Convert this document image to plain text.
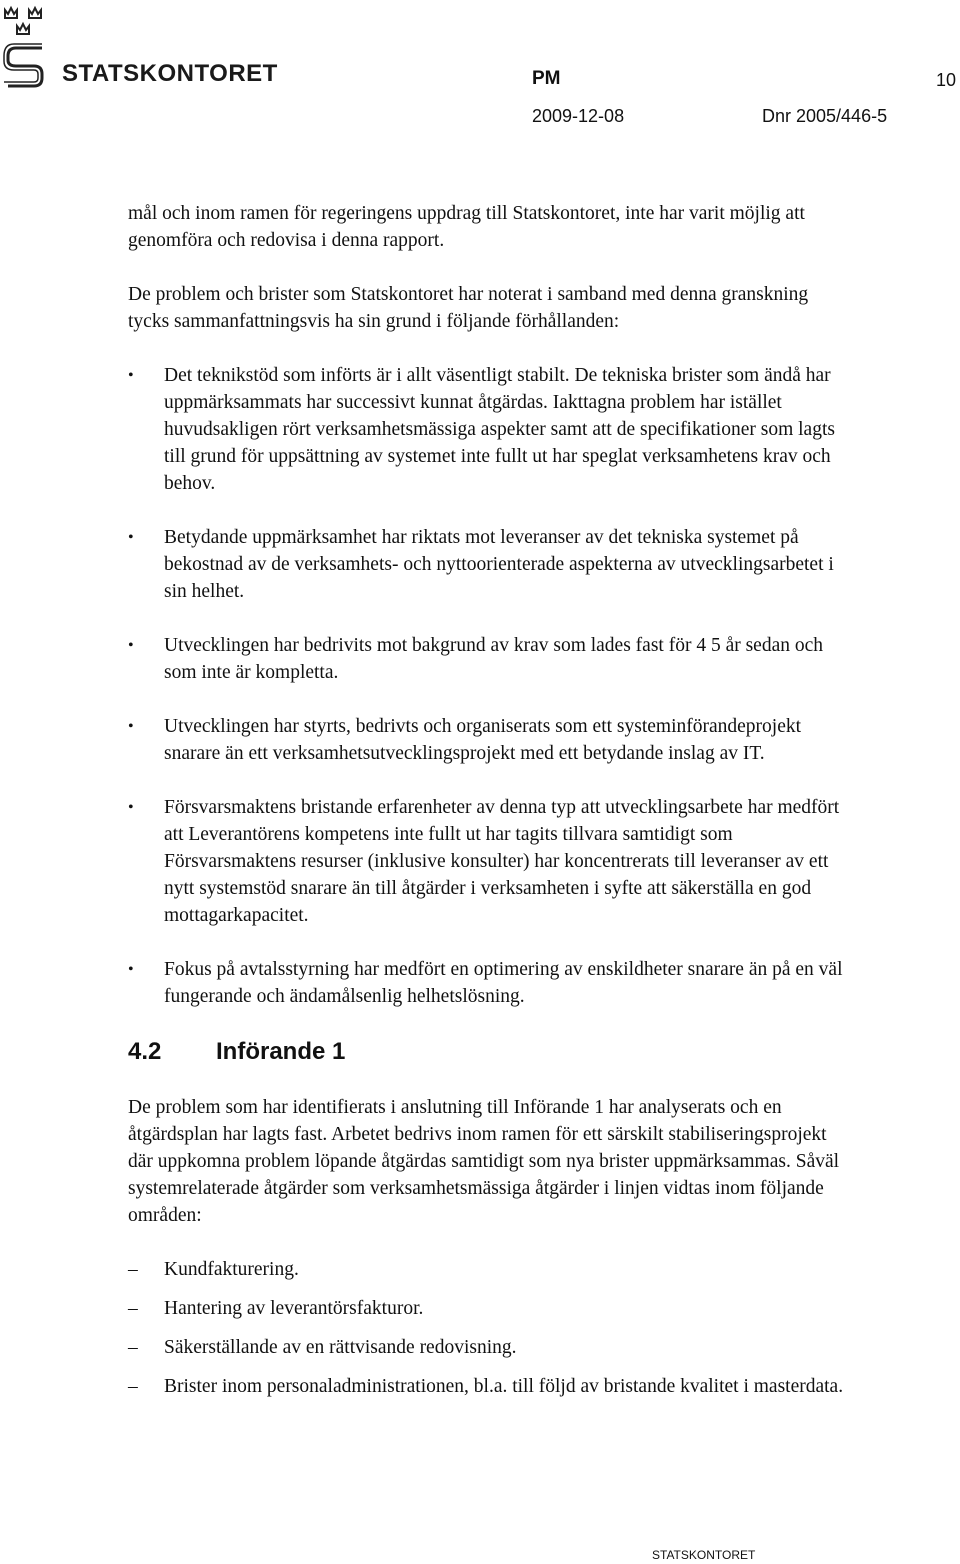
STATSKONTORET	PM	10
2009-12-08	Dnr 2005/446-5

mål och inom ramen för regeringens uppdrag till Statskontoret, inte har varit möjlig att genomföra och redovisa i denna rapport.

De problem och brister som Statskontoret har noterat i samband med denna granskning tycks sammanfattningsvis ha sin grund i följande förhållanden:

•	Det teknikstöd som införts är i allt väsentligt stabilt. De tekniska brister som ändå har uppmärksammats har successivt kunnat åtgärdas. Iakttagna problem har istället huvudsakligen rört verksamhetsmässiga aspekter samt att de specifikationer som lagts till grund för uppsättning av systemet inte fullt ut har speglat verksamhetens krav och behov.
•	Betydande uppmärksamhet har riktats mot leveranser av det tekniska systemet på bekostnad av de verksamhets- och nyttoorienterade aspekterna av utvecklingsarbetet i sin helhet.
•	Utvecklingen har bedrivits mot bakgrund av krav som lades fast för 4 5 år sedan och som inte är kompletta.
•	Utvecklingen har styrts, bedrivts och organiserats som ett systeminförandeprojekt snarare än ett verksamhetsutvecklingsprojekt med ett betydande inslag av IT.
•	Försvarsmaktens bristande erfarenheter av denna typ att utvecklingsarbete har medfört att Leverantörens kompetens inte fullt ut har tagits tillvara samtidigt som Försvarsmaktens resurser (inklusive konsulter) har koncentrerats till leveranser av ett nytt systemstöd snarare än till åtgärder i verksamheten i syfte att säkerställa en god mottagarkapacitet.
•	Fokus på avtalsstyrning har medfört en optimering av enskildheter snarare än på en väl fungerande och ändamålsenlig helhetslösning.
4.2 Införande 1

De problem som har identifierats i anslutning till Införande 1 har analyserats och en åtgärdsplan har lagts fast. Arbetet bedrivs inom ramen för ett särskilt stabiliseringsprojekt där uppkomna problem löpande åtgärdas samtidigt som nya brister uppmärksammas. Såväl systemrelaterade åtgärder som verksamhetsmässiga åtgärder i linjen vidtas inom följande områden:

– Kundfakturering.
– Hantering av leverantörsfakturor.
– Säkerställande av en rättvisande redovisning.
– Brister inom personaladministrationen, bl.a. till följd av bristande kvalitet i masterdata.
STATSKONTORET
